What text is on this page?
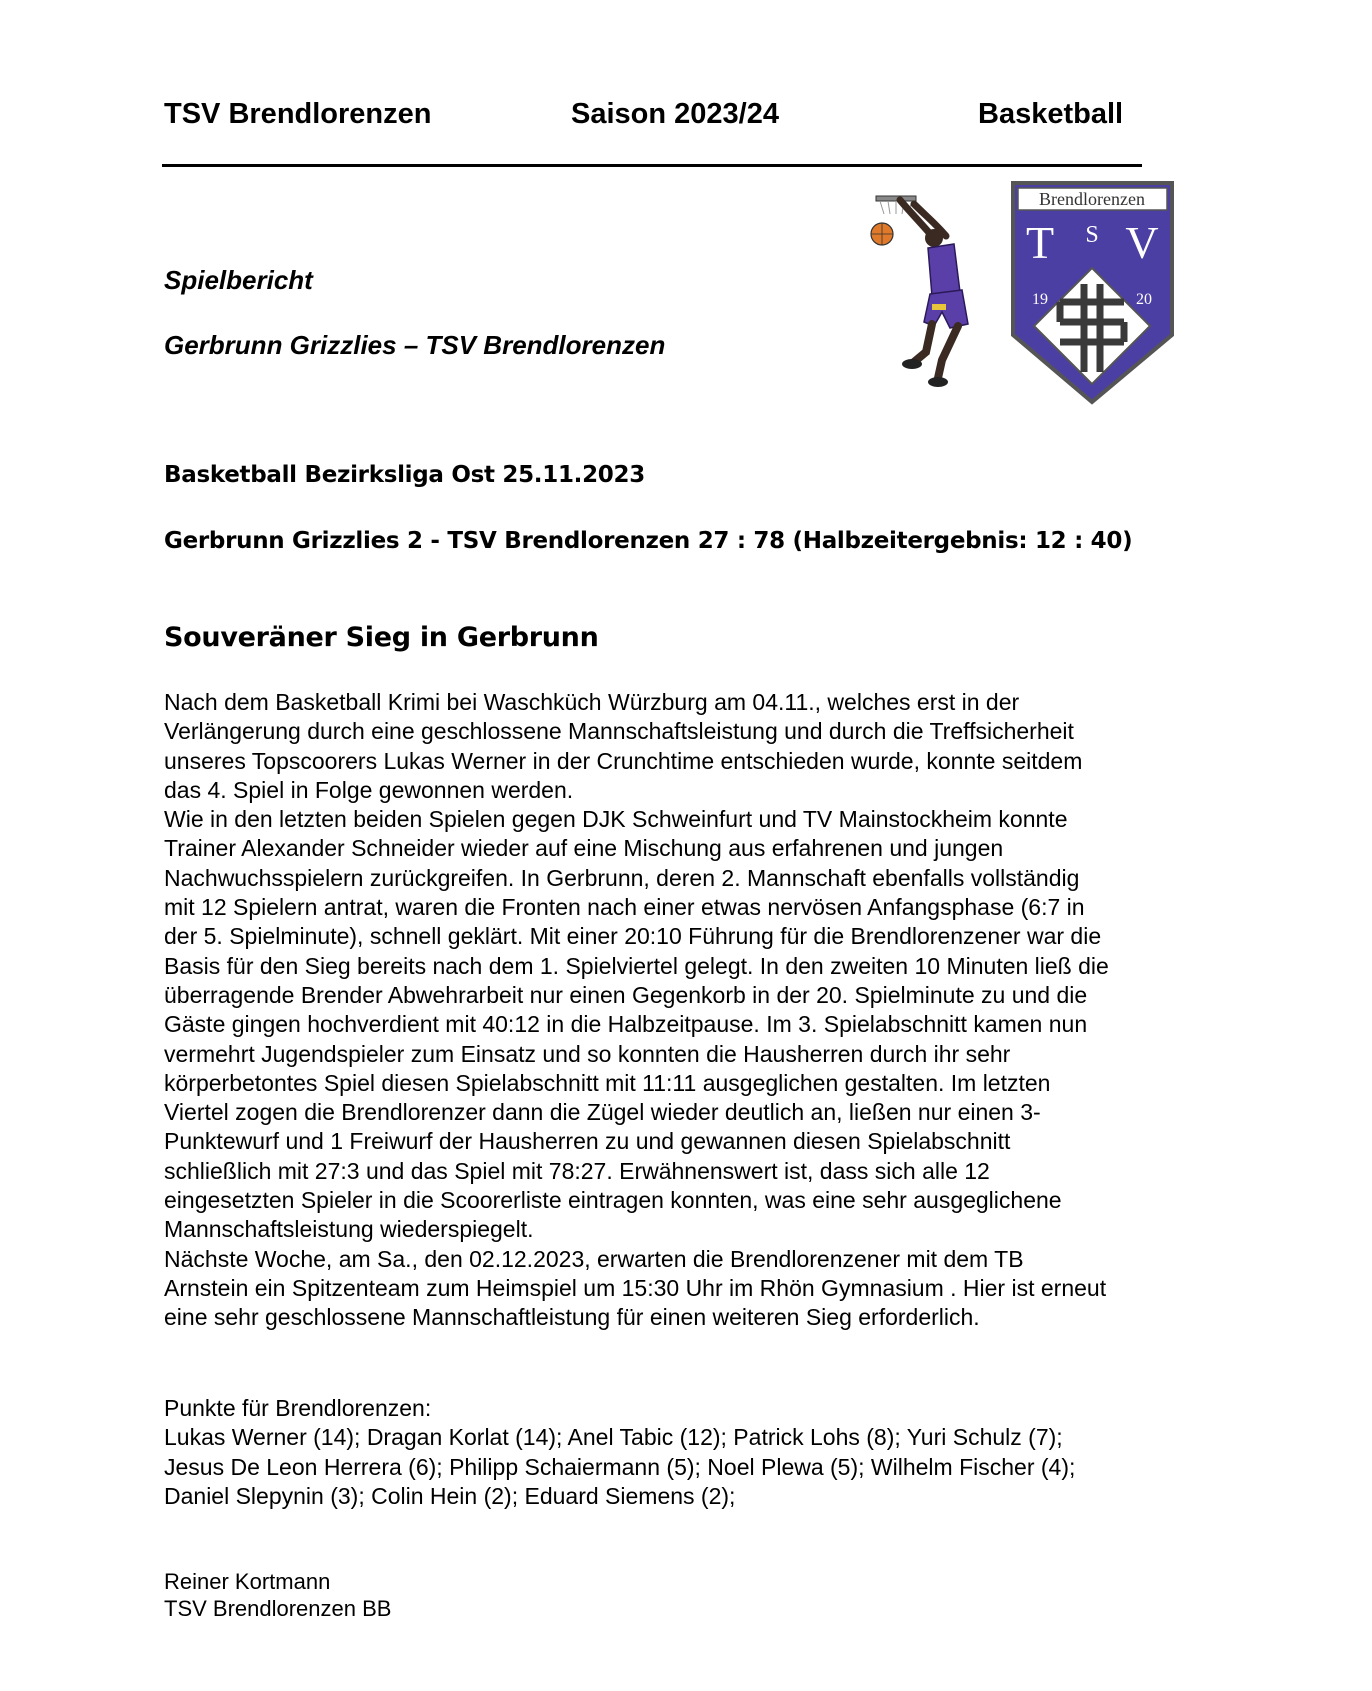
TSV Brendlorenzen	Saison 2023/24	Basketball
Brendlorenzen
T S V
19	20
Spielbericht
Gerbrunn Grizzlies – TSV Brendlorenzen
Basketball Bezirksliga Ost 25.11.2023
Gerbrunn Grizzlies 2 - TSV Brendlorenzen 27 : 78 (Halbzeitergebnis: 12 : 40)
Souveräner Sieg in Gerbrunn
Nach dem Basketball Krimi bei Waschküch Würzburg am 04.11., welches erst in der
Verlängerung durch eine geschlossene Mannschaftsleistung und durch die Treffsicherheit
unseres Topscoorers Lukas Werner in der Crunchtime entschieden wurde, konnte seitdem
das 4. Spiel in Folge gewonnen werden.
Wie in den letzten beiden Spielen gegen DJK Schweinfurt und TV Mainstockheim konnte
Trainer Alexander Schneider wieder auf eine Mischung aus erfahrenen und jungen
Nachwuchsspielern zurückgreifen. In Gerbrunn, deren 2. Mannschaft ebenfalls vollständig
mit 12 Spielern antrat, waren die Fronten nach einer etwas nervösen Anfangsphase (6:7 in
der 5. Spielminute), schnell geklärt. Mit einer 20:10 Führung für die Brendlorenzener war die
Basis für den Sieg bereits nach dem 1. Spielviertel gelegt. In den zweiten 10 Minuten ließ die
überragende Brender Abwehrarbeit nur einen Gegenkorb in der 20. Spielminute zu und die
Gäste gingen hochverdient mit 40:12 in die Halbzeitpause. Im 3. Spielabschnitt kamen nun
vermehrt Jugendspieler zum Einsatz und so konnten die Hausherren durch ihr sehr
körperbetontes Spiel diesen Spielabschnitt mit 11:11 ausgeglichen gestalten. Im letzten
Viertel zogen die Brendlorenzer dann die Zügel wieder deutlich an, ließen nur einen 3-
Punktewurf und 1 Freiwurf der Hausherren zu und gewannen diesen Spielabschnitt
schließlich mit 27:3 und das Spiel mit 78:27. Erwähnenswert ist, dass sich alle 12
eingesetzten Spieler in die Scoorerliste eintragen konnten, was eine sehr ausgeglichene
Mannschaftsleistung wiederspiegelt.
Nächste Woche, am Sa., den 02.12.2023, erwarten die Brendlorenzener mit dem TB
Arnstein ein Spitzenteam zum Heimspiel um 15:30 Uhr im Rhön Gymnasium . Hier ist erneut
eine sehr geschlossene Mannschaftleistung für einen weiteren Sieg erforderlich.
Punkte für Brendlorenzen:
Lukas Werner (14); Dragan Korlat (14); Anel Tabic (12); Patrick Lohs (8); Yuri Schulz (7);
Jesus De Leon Herrera (6); Philipp Schaiermann (5); Noel Plewa (5); Wilhelm Fischer (4);
Daniel Slepynin (3); Colin Hein (2); Eduard Siemens (2);
Reiner Kortmann
TSV Brendlorenzen BB
